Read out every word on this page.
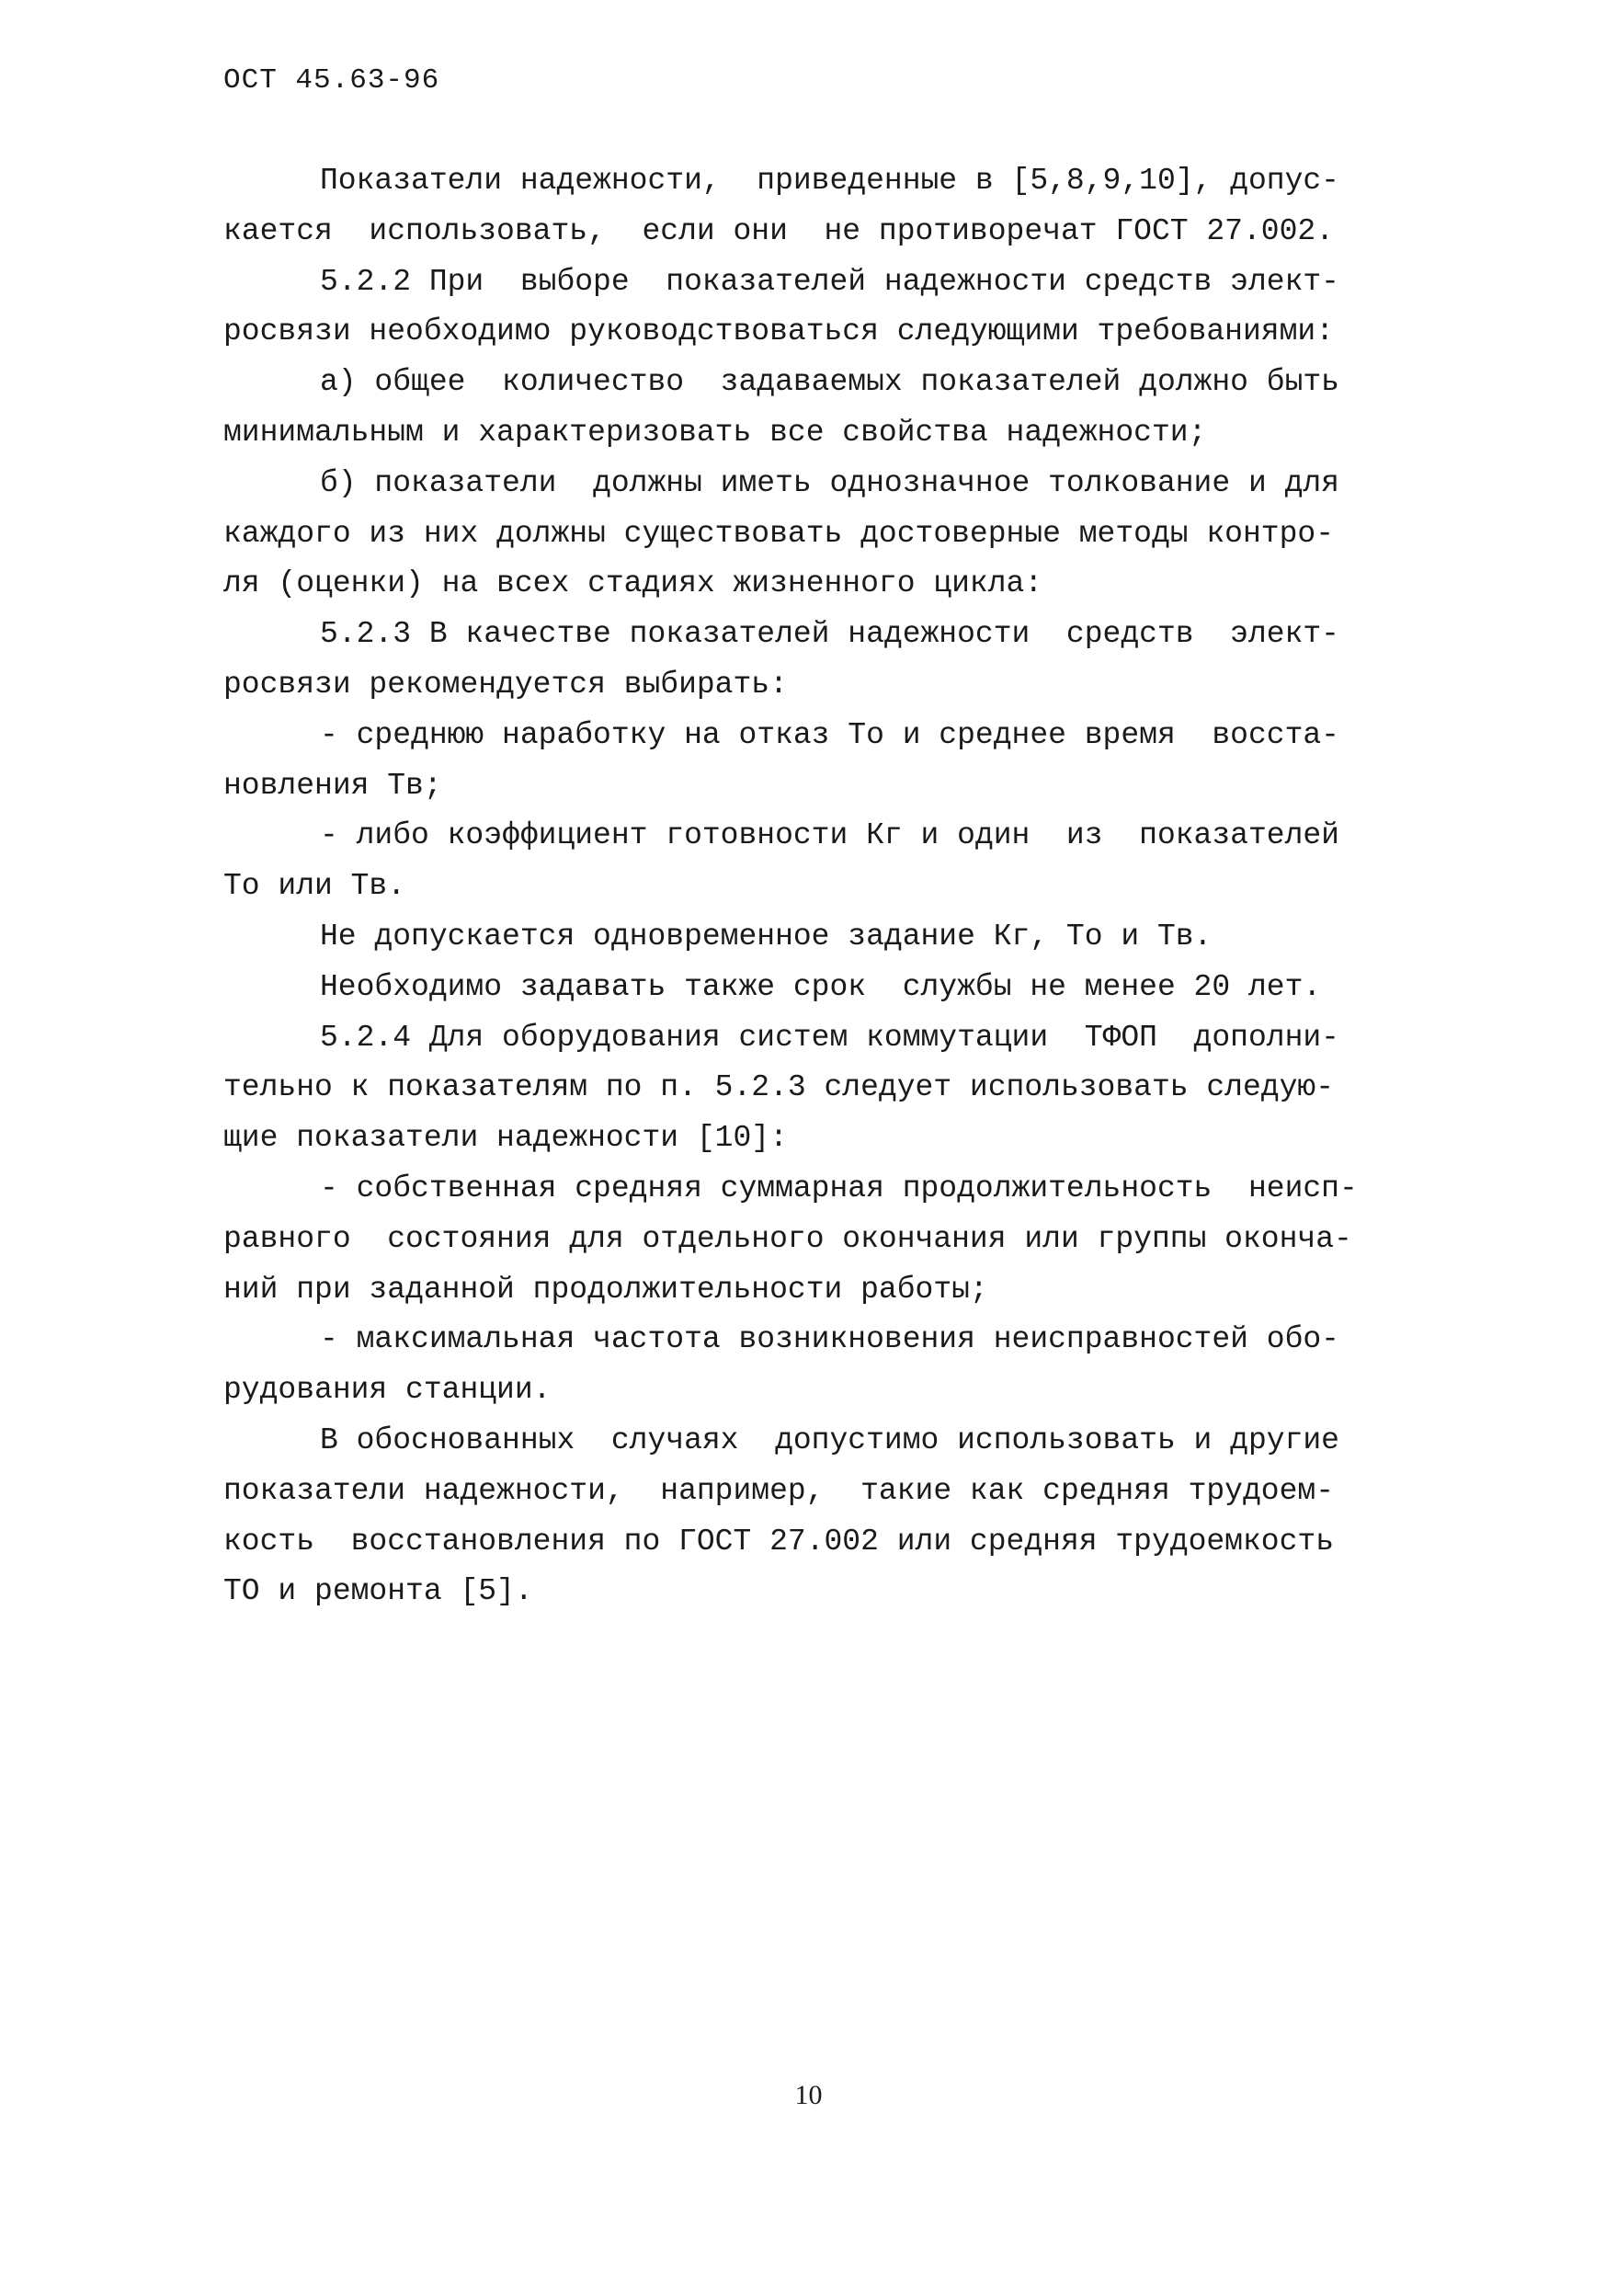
ОСТ 45.63-96
Показатели надежности,  приведенные в [5,8,9,10], допус-
кается  использовать,  если они  не противоречат ГОСТ 27.002.
5.2.2 При  выборе  показателей надежности средств элект-
росвязи необходимо руководствоваться следующими требованиями:
а) общее  количество  задаваемых показателей должно быть
минимальным и характеризовать все свойства надежности;
б) показатели  должны иметь однозначное толкование и для
каждого из них должны существовать достоверные методы контро-
ля (оценки) на всех стадиях жизненного цикла:
5.2.3 В качестве показателей надежности  средств  элект-
росвязи рекомендуется выбирать:
- среднюю наработку на отказ То и среднее время  восста-
новления Тв;
- либо коэффициент готовности Кг и один  из  показателей
То или Тв.
Не допускается одновременное задание Кг, То и Тв.
Необходимо задавать также срок  службы не менее 20 лет.
5.2.4 Для оборудования систем коммутации  ТФОП  дополни-
тельно к показателям по п. 5.2.3 следует использовать следую-
щие показатели надежности [10]:
- собственная средняя суммарная продолжительность  неисп-
равного  состояния для отдельного окончания или группы оконча-
ний при заданной продолжительности работы;
- максимальная частота возникновения неисправностей обо-
рудования станции.
В обоснованных  случаях  допустимо использовать и другие
показатели надежности,  например,  такие как средняя трудоем-
кость  восстановления по ГОСТ 27.002 или средняя трудоемкость
ТО и ремонта [5].
10
